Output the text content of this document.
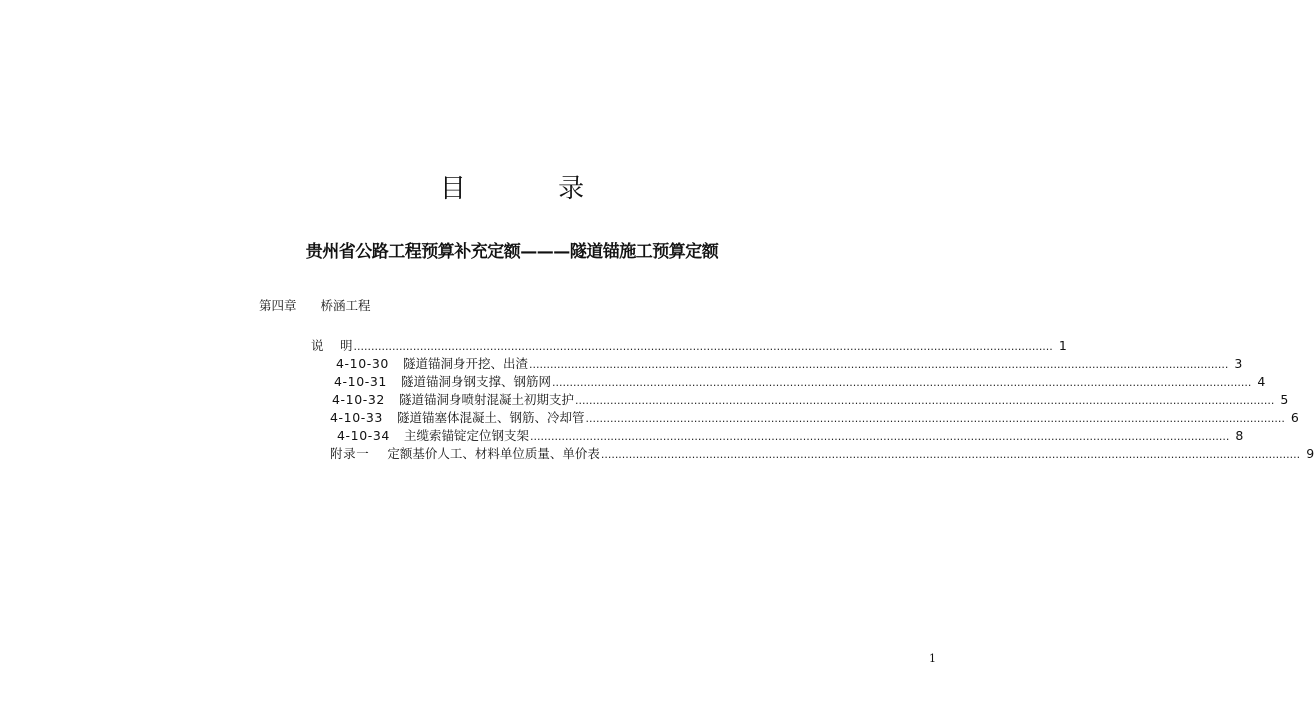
目 录
贵州省公路工程预算补充定额———隧道锚施工预算定额
第四章 桥涵工程
说　 明 ........................................................................................................................................................................................................ 1
4-10-30 隧道锚洞身开挖、出渣 ........................................................................................................................................................................................................ 3
4-10-31 隧道锚洞身钢支撑、钢筋网 ........................................................................................................................................................................................................ 4
4-10-32 隧道锚洞身喷射混凝土初期支护 ........................................................................................................................................................................................................ 5
4-10-33 隧道锚塞体混凝土、钢筋、冷却管 ........................................................................................................................................................................................................ 6
4-10-34 主缆索锚锭定位钢支架 ........................................................................................................................................................................................................ 8
附录一 定额基价人工、材料单位质量、单价表 ........................................................................................................................................................................................................ 9
1
